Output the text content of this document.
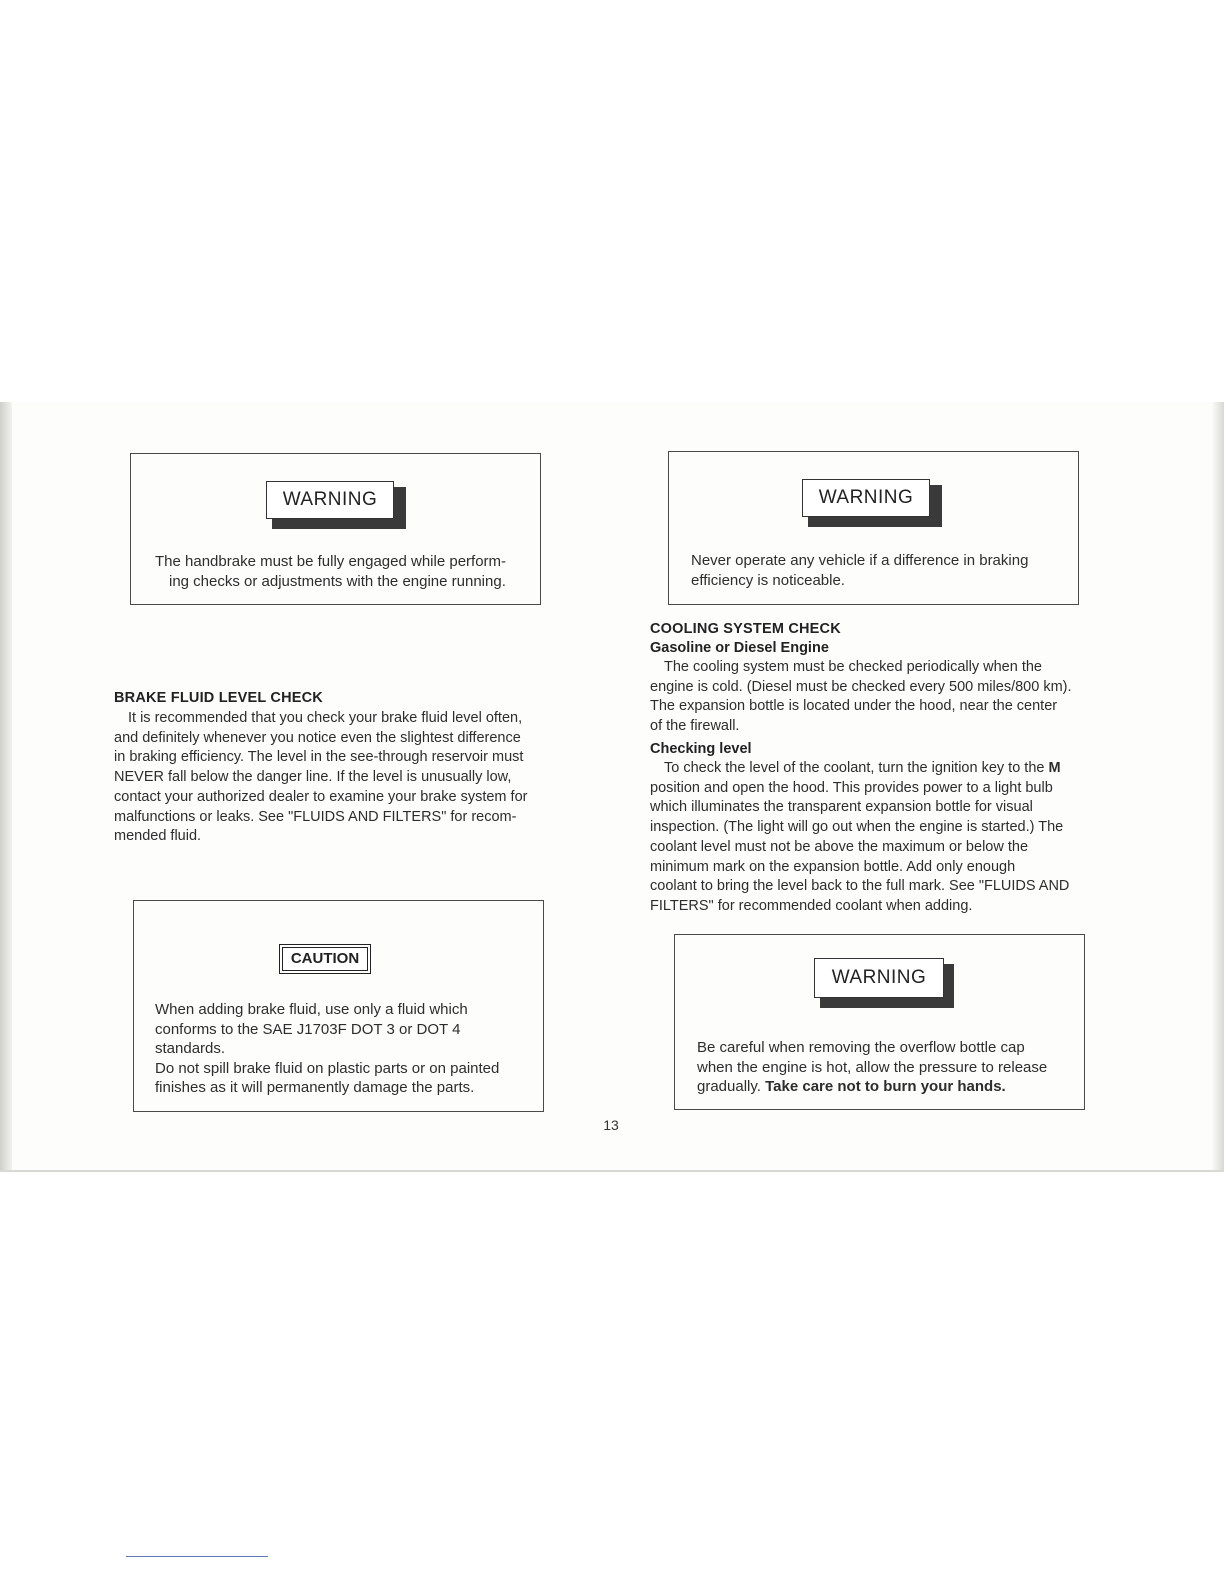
WARNING
The handbrake must be fully engaged while perform-
ing checks or adjustments with the engine running.
BRAKE FLUID LEVEL CHECK
It is recommended that you check your brake fluid level often,
and definitely whenever you notice even the slightest difference
in braking efficiency. The level in the see-through reservoir must
NEVER fall below the danger line. If the level is unusually low,
contact your authorized dealer to examine your brake system for
malfunctions or leaks. See "FLUIDS AND FILTERS" for recom-
mended fluid.
CAUTION
When adding brake fluid, use only a fluid which
conforms to the SAE J1703F DOT 3 or DOT 4
standards.
Do not spill brake fluid on plastic parts or on painted
finishes as it will permanently damage the parts.
WARNING
Never operate any vehicle if a difference in braking
efficiency is noticeable.
COOLING SYSTEM CHECK
Gasoline or Diesel Engine
The cooling system must be checked periodically when the
engine is cold. (Diesel must be checked every 500 miles/800 km).
The expansion bottle is located under the hood, near the center
of the firewall.
Checking level
To check the level of the coolant, turn the ignition key to the M
position and open the hood. This provides power to a light bulb
which illuminates the transparent expansion bottle for visual
inspection. (The light will go out when the engine is started.) The
coolant level must not be above the maximum or below the
minimum mark on the expansion bottle. Add only enough
coolant to bring the level back to the full mark. See "FLUIDS AND
FILTERS" for recommended coolant when adding.
WARNING
Be careful when removing the overflow bottle cap
when the engine is hot, allow the pressure to release
gradually. Take care not to burn your hands.
13
